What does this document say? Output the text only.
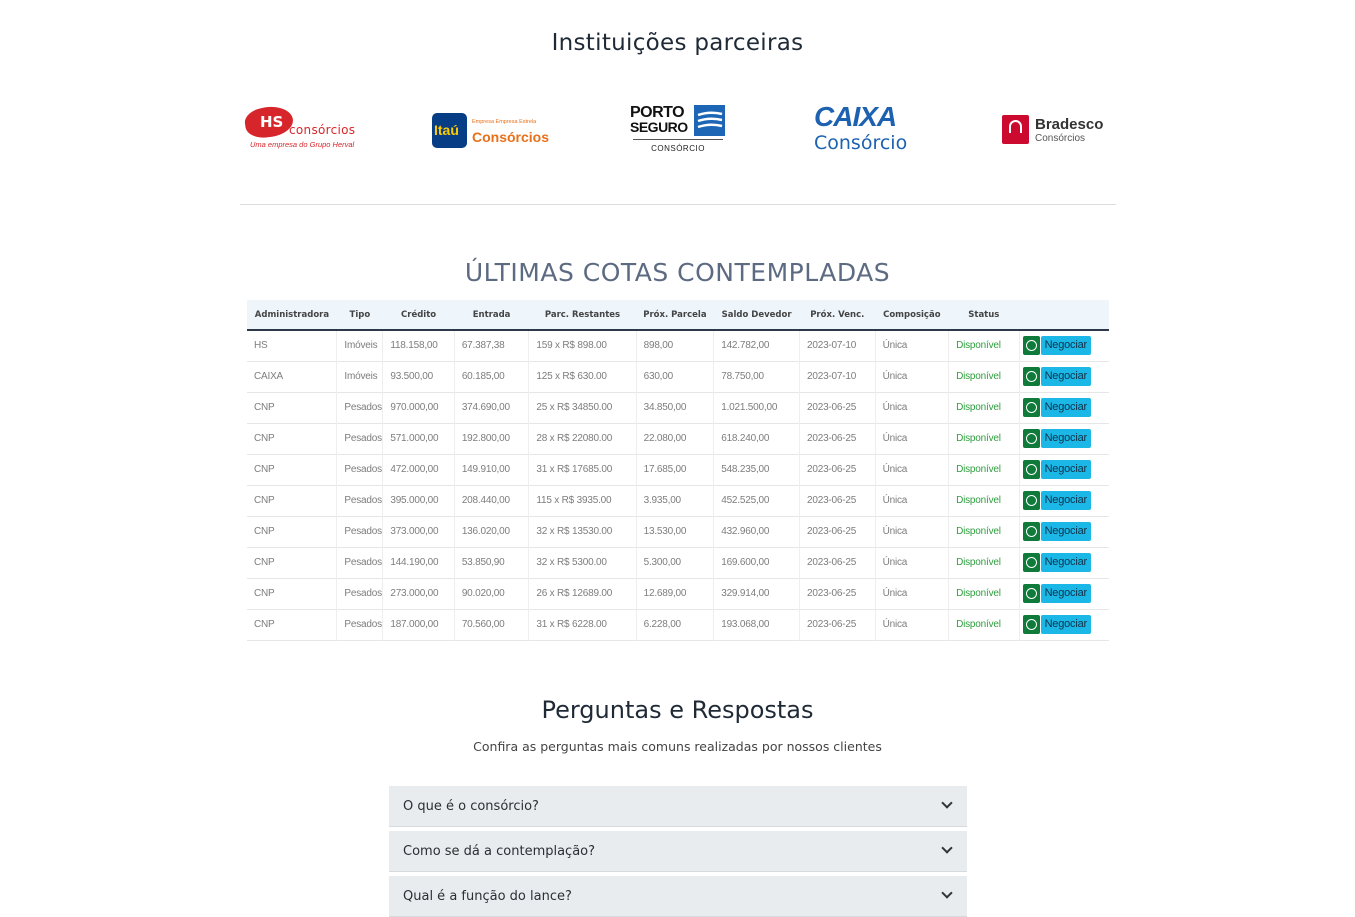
Instituições parceiras
HS consórcios
Uma empresa do Grupo Herval
Itaú Empresa Empresa Estrela
Consórcios
PORTO
SEGURO
CONSÓRCIO
CAIXA
Consórcio
Bradesco
Consórcios
ÚLTIMAS COTAS CONTEMPLADAS
Administradora	Tipo	Crédito	Entrada	Parc. Restantes	Próx. Parcela	Saldo Devedor	Próx. Venc.	Composição	Status	
HS	Imóveis	118.158,00	67.387,38	159 x R$ 898.00	898,00	142.782,00	2023-07-10	Única	Disponível	Negociar
CAIXA	Imóveis	93.500,00	60.185,00	125 x R$ 630.00	630,00	78.750,00	2023-07-10	Única	Disponível	Negociar
CNP	Pesados	970.000,00	374.690,00	25 x R$ 34850.00	34.850,00	1.021.500,00	2023-06-25	Única	Disponível	Negociar
CNP	Pesados	571.000,00	192.800,00	28 x R$ 22080.00	22.080,00	618.240,00	2023-06-25	Única	Disponível	Negociar
CNP	Pesados	472.000,00	149.910,00	31 x R$ 17685.00	17.685,00	548.235,00	2023-06-25	Única	Disponível	Negociar
CNP	Pesados	395.000,00	208.440,00	115 x R$ 3935.00	3.935,00	452.525,00	2023-06-25	Única	Disponível	Negociar
CNP	Pesados	373.000,00	136.020,00	32 x R$ 13530.00	13.530,00	432.960,00	2023-06-25	Única	Disponível	Negociar
CNP	Pesados	144.190,00	53.850,90	32 x R$ 5300.00	5.300,00	169.600,00	2023-06-25	Única	Disponível	Negociar
CNP	Pesados	273.000,00	90.020,00	26 x R$ 12689.00	12.689,00	329.914,00	2023-06-25	Única	Disponível	Negociar
CNP	Pesados	187.000,00	70.560,00	31 x R$ 6228.00	6.228,00	193.068,00	2023-06-25	Única	Disponível	Negociar
Perguntas e Respostas

Confira as perguntas mais comuns realizadas por nossos clientes

O que é o consórcio?
Como se dá a contemplação?
Qual é a função do lance?
